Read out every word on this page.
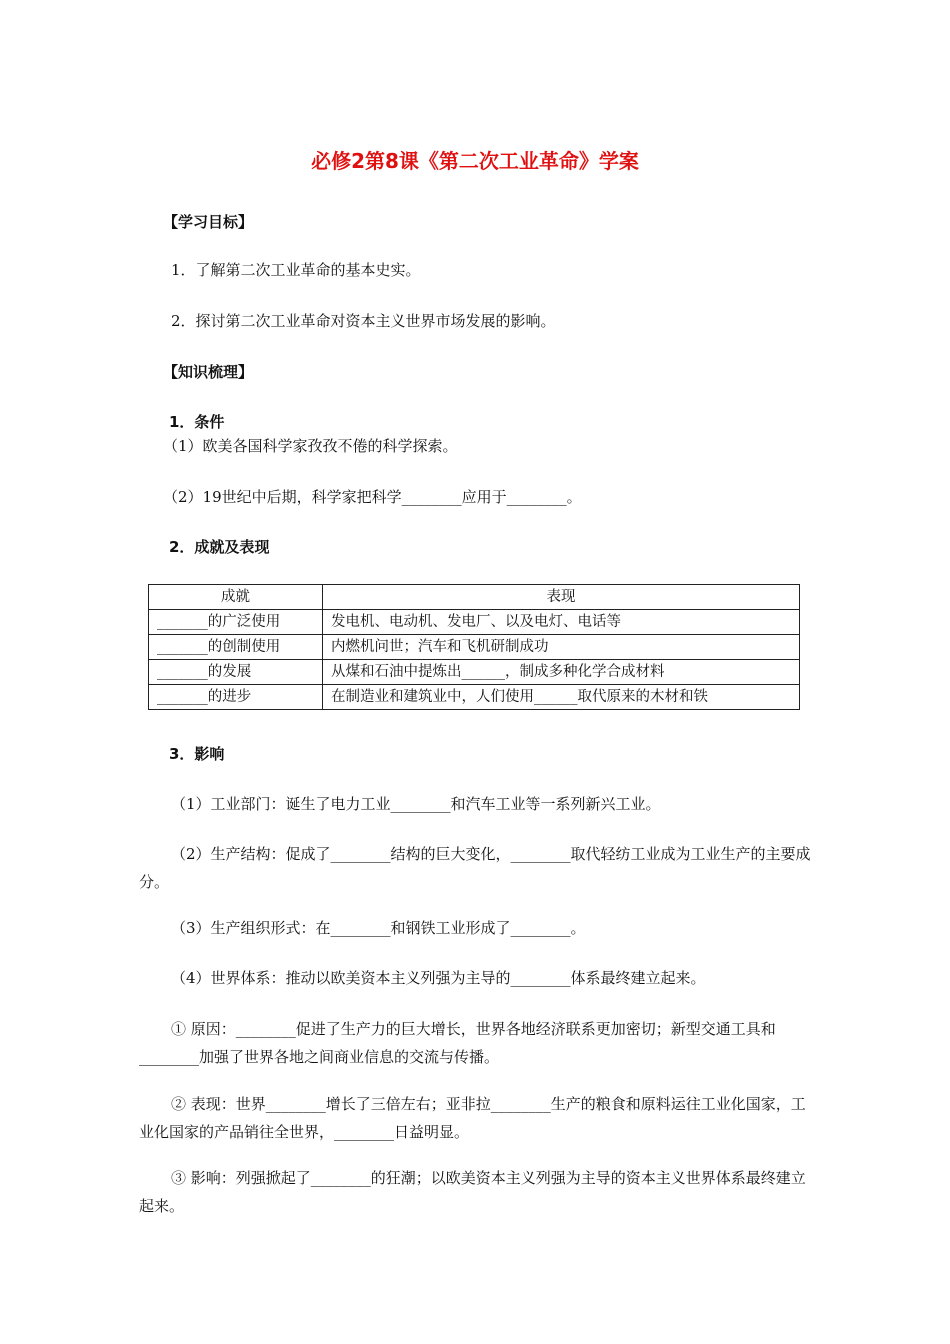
必修2第8课《第二次工业革命》学案
【学习目标】
1．了解第二次工业革命的基本史实。
2．探讨第二次工业革命对资本主义世界市场发展的影响。
【知识梳理】
1．条件
（1）欧美各国科学家孜孜不倦的科学探索。
（2）19世纪中后期，科学家把科学________应用于________。
2．成就及表现
成就	表现
_______的广泛使用	发电机、电动机、发电厂、以及电灯、电话等
_______的创制使用	内燃机问世；汽车和飞机研制成功
_______的发展	从煤和石油中提炼出______，制成多种化学合成材料
_______的进步	在制造业和建筑业中，人们使用______取代原来的木材和铁
3．影响
（1）工业部门：诞生了电力工业________和汽车工业等一系列新兴工业。
（2）生产结构：促成了________结构的巨大变化，________取代轻纺工业成为工业生产的主要成分。
（3）生产组织形式：在________和钢铁工业形成了________。
（4）世界体系：推动以欧美资本主义列强为主导的________体系最终建立起来。
① 原因：________促进了生产力的巨大增长，世界各地经济联系更加密切；新型交通工具和________加强了世界各地之间商业信息的交流与传播。
② 表现：世界________增长了三倍左右；亚非拉________生产的粮食和原料运往工业化国家，工业化国家的产品销往全世界，________日益明显。
③ 影响：列强掀起了________的狂潮；以欧美资本主义列强为主导的资本主义世界体系最终建立起来。
